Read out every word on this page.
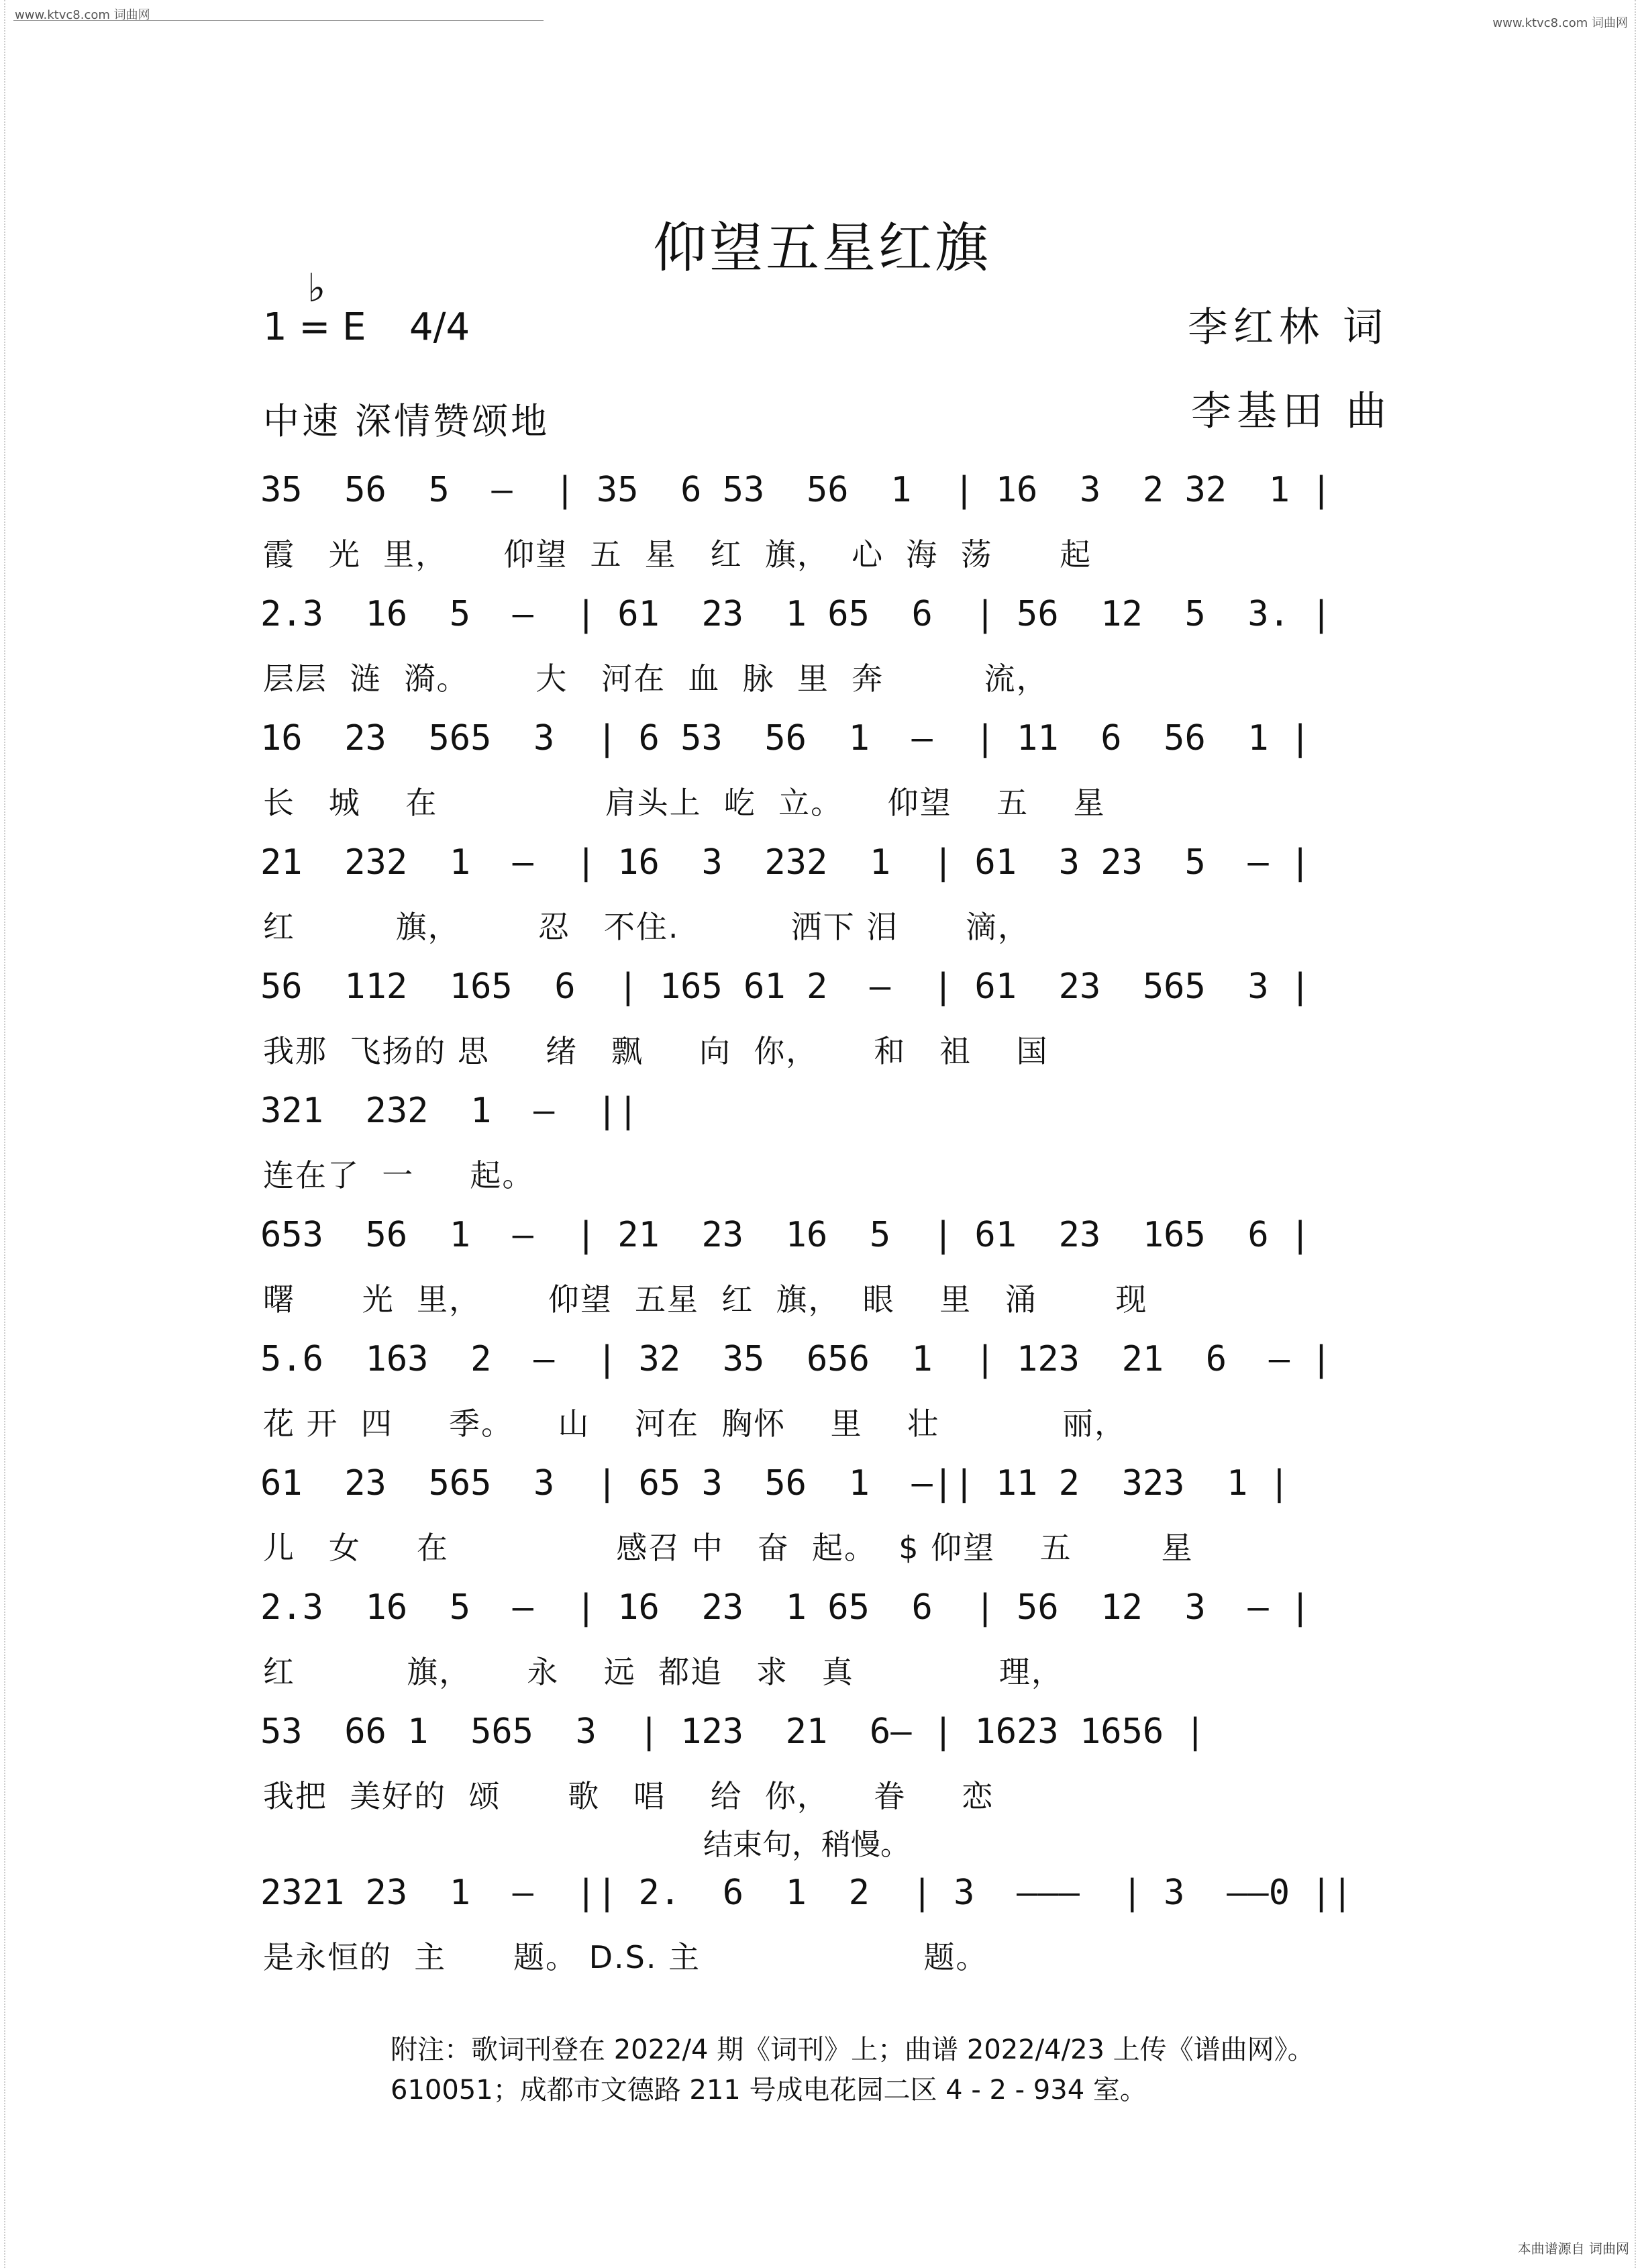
www.ktvc8.com 词曲网
www.ktvc8.com 词曲网
仰望五星红旗
♭
1 = E 4/4
中速 深情赞颂地
李红林 词
李基田 曲
35  56  5  —  | 35  6 53  56  1  | 16  3  2 32  1 |
霞   光  里，     仰望  五  星   红  旗，  心  海  荡      起
2.3  16  5  —  | 61  23  1 65  6  | 56  12  5  3. |
层层  涟  漪。      大   河在  血  脉  里  奔         流，
16  23  565  3  | 6 53  56  1  —  | 11  6  56  1 |
长   城    在               肩头上  屹  立。    仰望    五    星
21  232  1  —  | 16  3  232  1  | 61  3 23  5  — |
红         旗，       忍   不住.          洒下 泪      滴，
56  112  165  6  | 165 61 2  —  | 61  23  565  3 |
我那  飞扬的 思     绪   飘     向  你，     和   祖    国
321  232  1  —  ||
连在了  一     起。
653  56  1  —  | 21  23  16  5  | 61  23  165  6 |
曙      光  里，      仰望  五星  红  旗，  眼    里   涌       现
5.6  163  2  —  | 32  35  656  1  | 123  21  6  — |
花 开  四     季。    山    河在  胸怀    里    壮           丽，
61  23  565  3  | 65 3  56  1  —|| 11 2  323  1 |
儿   女     在               感召 中   奋  起。  $ 仰望    五        星
2.3  16  5  —  | 16  23  1 65  6  | 56  12  3  — |
红          旗，     永    远  都追   求   真             理，
53  66 1  565  3  | 123  21  6— | 1623 1656 |
我把  美好的  颂      歌   唱    给  你，    眷     恋
2321 23  1  —  || 2.  6  1  2  | 3  ———  | 3  ——0 ||
是永恒的  主      题。 D.S. 主                    题。
结束句，稍慢。
附注：歌词刊登在 2022/4 期《词刊》上；曲谱 2022/4/23 上传《谱曲网》。
610051；成都市文德路 211 号成电花园二区 4 - 2 - 934 室。
本曲谱源自 词曲网
